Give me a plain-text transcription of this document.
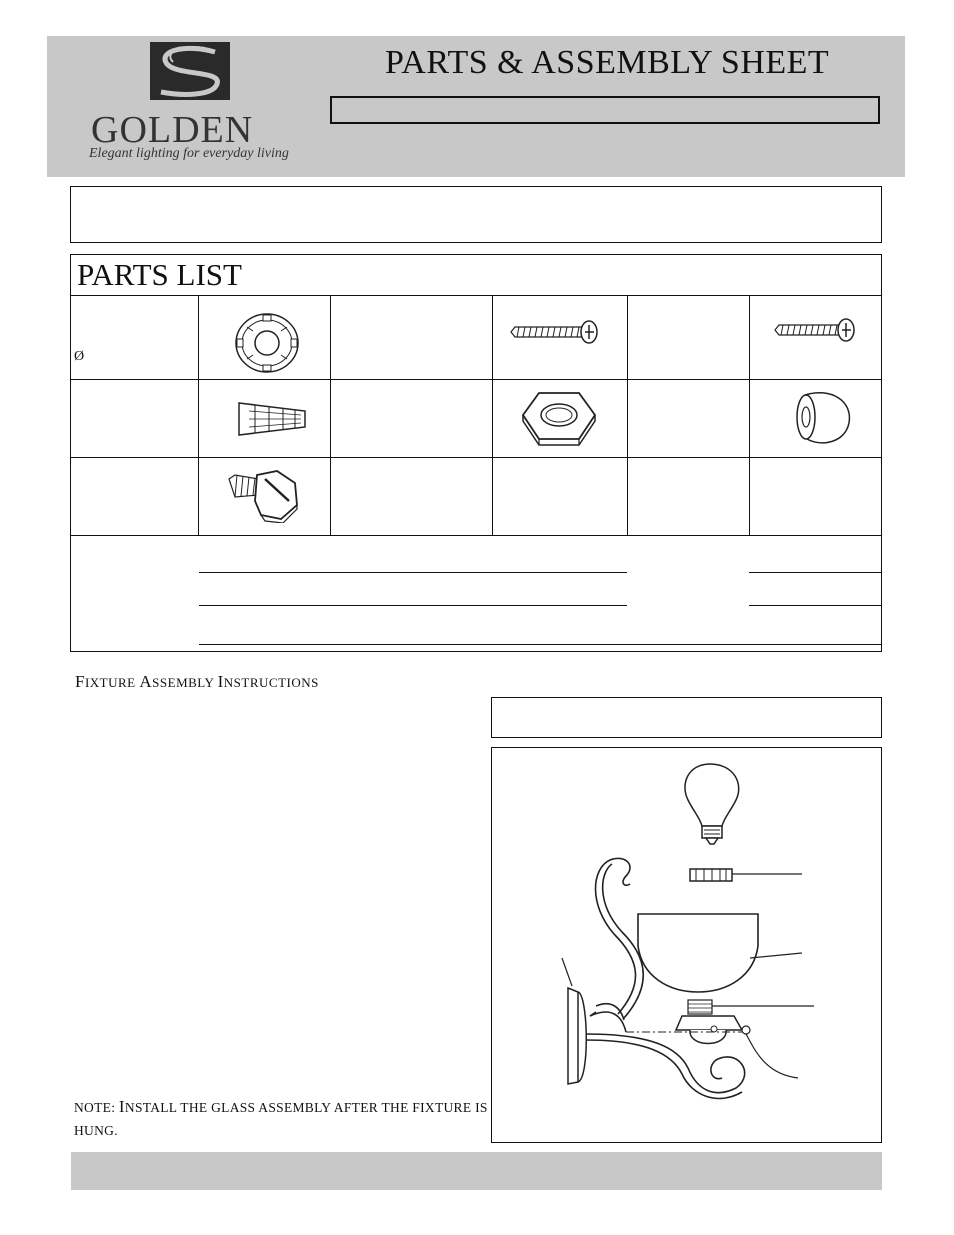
GOLDEN
Elegant lighting for everyday living
PARTS & ASSEMBLY SHEET
PARTS LIST
Ø
FIXTURE ASSEMBLY INSTRUCTIONS
NOTE: INSTALL THE GLASS ASSEMBLY AFTER THE FIXTURE IS HUNG.
